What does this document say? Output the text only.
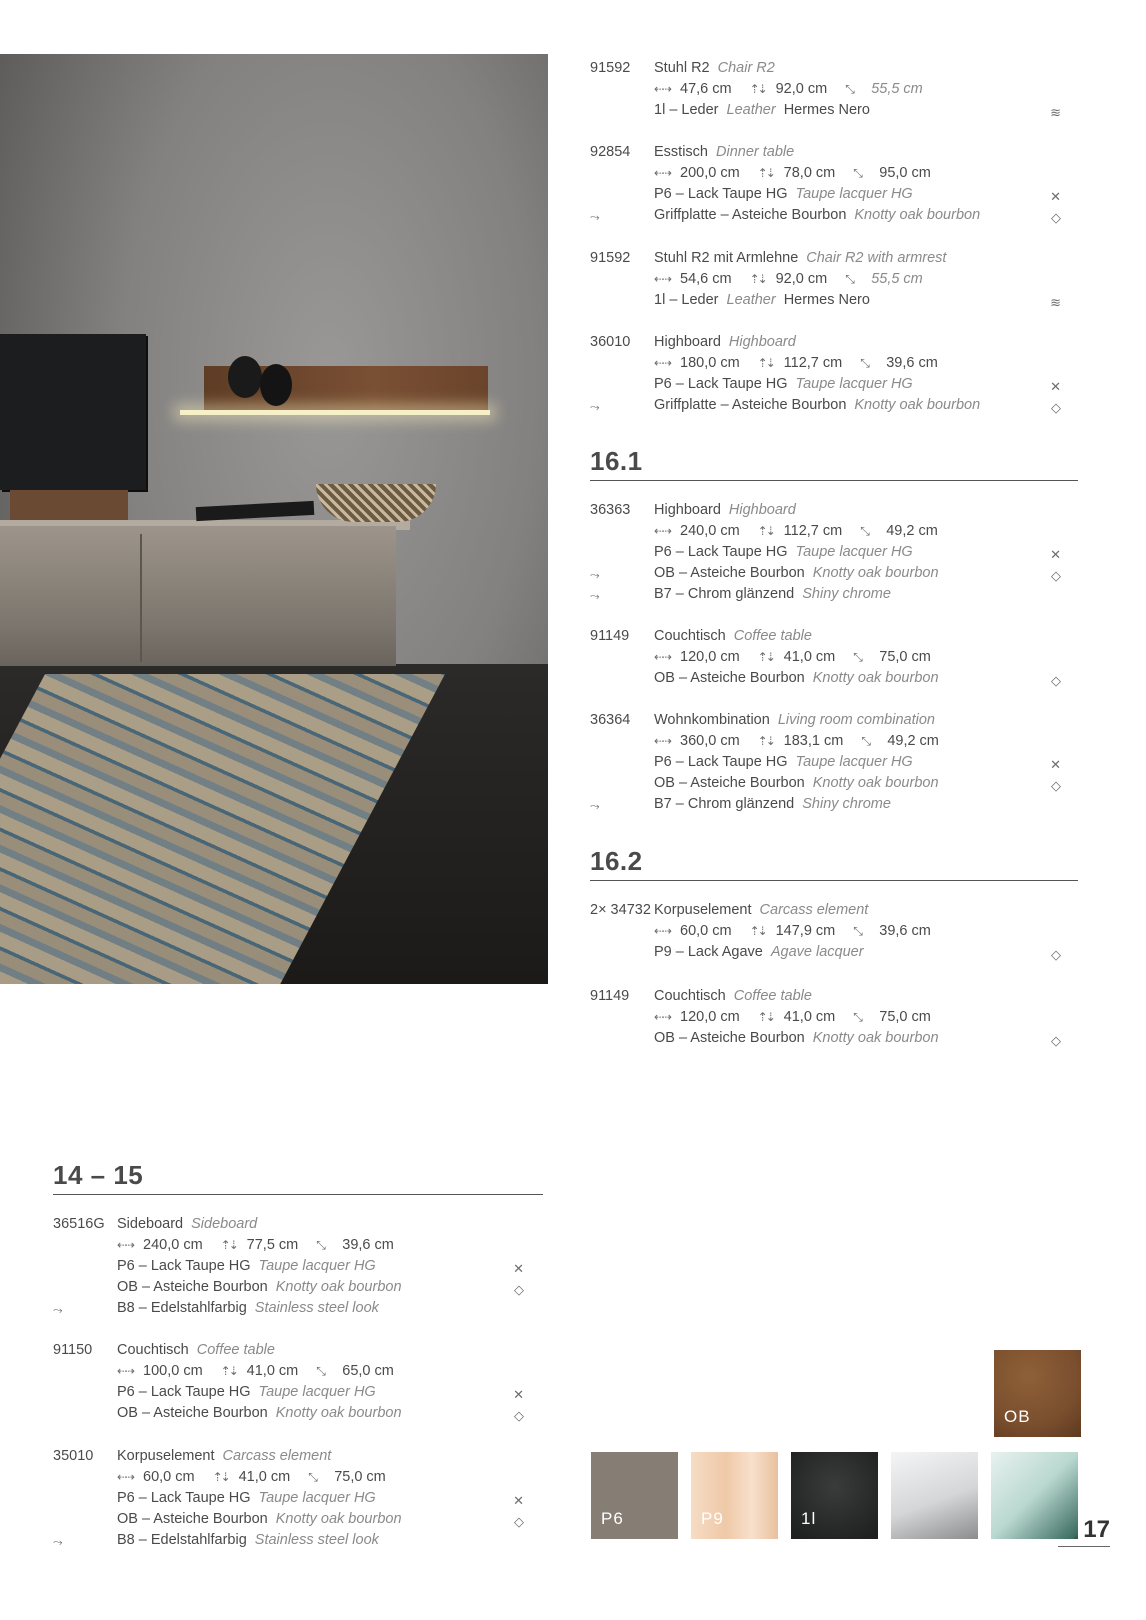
16.1
16.2
14 – 15
OB
P6	P9	1l	17
91592	Stuhl R2 Chair R2
⇠⇢ 47,6 cm ⇡⇣ 92,0 cm ⤡ 55,5 cm
1l – Leder Leather Hermes Nero	≋
92854	Esstisch Dinner table
⇠⇢ 200,0 cm ⇡⇣ 78,0 cm ⤡ 95,0 cm
P6 – Lack Taupe HG Taupe lacquer HG	✕
⤳	Griffplatte – Asteiche Bourbon Knotty oak bourbon	◇
91592	Stuhl R2 mit Armlehne Chair R2 with armrest
⇠⇢ 54,6 cm ⇡⇣ 92,0 cm ⤡ 55,5 cm
1l – Leder Leather Hermes Nero	≋
36010	Highboard Highboard
⇠⇢ 180,0 cm ⇡⇣ 112,7 cm ⤡ 39,6 cm
P6 – Lack Taupe HG Taupe lacquer HG	✕
⤳	Griffplatte – Asteiche Bourbon Knotty oak bourbon	◇
36363	Highboard Highboard
⇠⇢ 240,0 cm ⇡⇣ 112,7 cm ⤡ 49,2 cm
P6 – Lack Taupe HG Taupe lacquer HG	✕
⤳	OB – Asteiche Bourbon Knotty oak bourbon	◇
⤳	B7 – Chrom glänzend Shiny chrome
91149	Couchtisch Coffee table
⇠⇢ 120,0 cm ⇡⇣ 41,0 cm ⤡ 75,0 cm
OB – Asteiche Bourbon Knotty oak bourbon	◇
36364	Wohnkombination Living room combination
⇠⇢ 360,0 cm ⇡⇣ 183,1 cm ⤡ 49,2 cm
P6 – Lack Taupe HG Taupe lacquer HG	✕
OB – Asteiche Bourbon Knotty oak bourbon	◇
⤳	B7 – Chrom glänzend Shiny chrome
2× 34732 Korpuselement Carcass element
⇠⇢ 60,0 cm ⇡⇣ 147,9 cm ⤡ 39,6 cm
P9 – Lack Agave Agave lacquer	◇
91149	Couchtisch Coffee table
⇠⇢ 120,0 cm ⇡⇣ 41,0 cm ⤡ 75,0 cm
OB – Asteiche Bourbon Knotty oak bourbon	◇
36516G Sideboard Sideboard
⇠⇢ 240,0 cm ⇡⇣ 77,5 cm ⤡ 39,6 cm
P6 – Lack Taupe HG Taupe lacquer HG	✕
OB – Asteiche Bourbon Knotty oak bourbon	◇
⤳	B8 – Edelstahlfarbig Stainless steel look
91150	Couchtisch Coffee table
⇠⇢ 100,0 cm ⇡⇣ 41,0 cm ⤡ 65,0 cm
P6 – Lack Taupe HG Taupe lacquer HG	✕
OB – Asteiche Bourbon Knotty oak bourbon	◇
35010	Korpuselement Carcass element
⇠⇢ 60,0 cm ⇡⇣ 41,0 cm ⤡ 75,0 cm
P6 – Lack Taupe HG Taupe lacquer HG	✕
OB – Asteiche Bourbon Knotty oak bourbon	◇
⤳	B8 – Edelstahlfarbig Stainless steel look
